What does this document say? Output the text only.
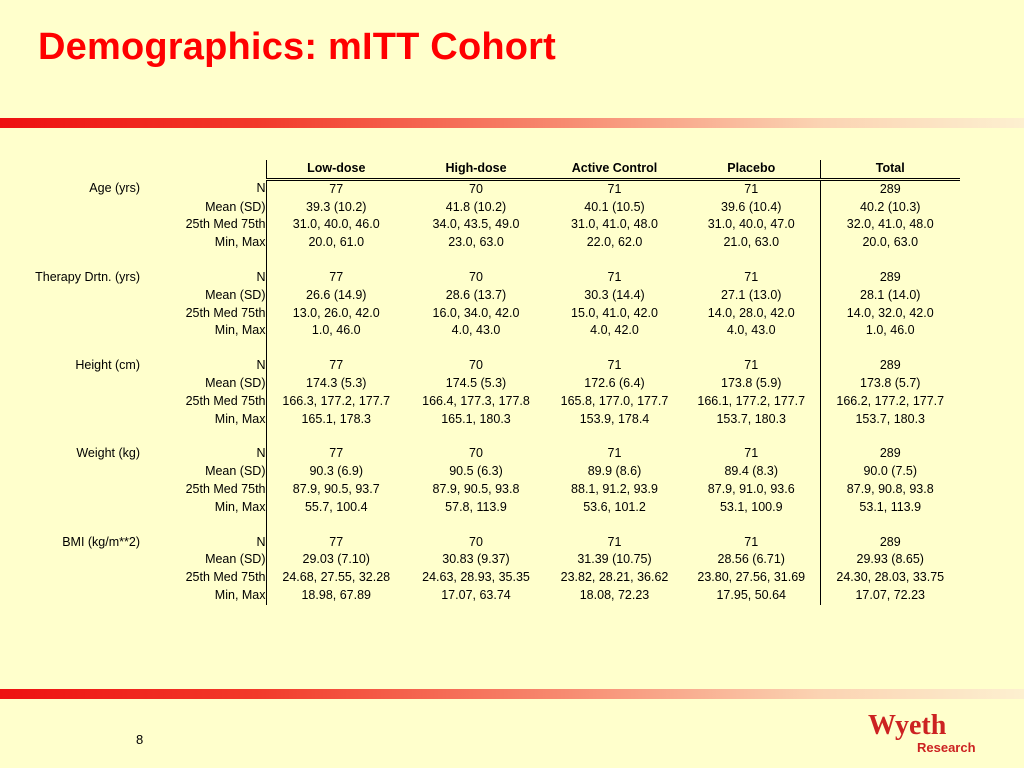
Demographics: mITT Cohort
		Low-dose	High-dose	Active Control	Placebo	Total
Age (yrs)	N	77	70	71	71	289
	Mean (SD)	39.3 (10.2)	41.8 (10.2)	40.1 (10.5)	39.6 (10.4)	40.2 (10.3)
	25th Med 75th	31.0, 40.0, 46.0	34.0, 43.5, 49.0	31.0, 41.0, 48.0	31.0, 40.0, 47.0	32.0, 41.0, 48.0
	Min, Max	20.0, 61.0	23.0, 63.0	22.0, 62.0	21.0, 63.0	20.0, 63.0

Therapy Drtn. (yrs)	N	77	70	71	71	289
	Mean (SD)	26.6 (14.9)	28.6 (13.7)	30.3 (14.4)	27.1 (13.0)	28.1 (14.0)
	25th Med 75th	13.0, 26.0, 42.0	16.0, 34.0, 42.0	15.0, 41.0, 42.0	14.0, 28.0, 42.0	14.0, 32.0, 42.0
	Min, Max	1.0, 46.0	4.0, 43.0	4.0, 42.0	4.0, 43.0	1.0, 46.0

Height (cm)	N	77	70	71	71	289
	Mean (SD)	174.3 (5.3)	174.5 (5.3)	172.6 (6.4)	173.8 (5.9)	173.8 (5.7)
	25th Med 75th	166.3, 177.2, 177.7	166.4, 177.3, 177.8	165.8, 177.0, 177.7	166.1, 177.2, 177.7	166.2, 177.2, 177.7
	Min, Max	165.1, 178.3	165.1, 180.3	153.9, 178.4	153.7, 180.3	153.7, 180.3

Weight (kg)	N	77	70	71	71	289
	Mean (SD)	90.3 (6.9)	90.5 (6.3)	89.9 (8.6)	89.4 (8.3)	90.0 (7.5)
	25th Med 75th	87.9, 90.5, 93.7	87.9, 90.5, 93.8	88.1, 91.2, 93.9	87.9, 91.0, 93.6	87.9, 90.8, 93.8
	Min, Max	55.7, 100.4	57.8, 113.9	53.6, 101.2	53.1, 100.9	53.1, 113.9

BMI (kg/m**2)	N	77	70	71	71	289
	Mean (SD)	29.03 (7.10)	30.83 (9.37)	31.39 (10.75)	28.56 (6.71)	29.93 (8.65)
	25th Med 75th	24.68, 27.55, 32.28	24.63, 28.93, 35.35	23.82, 28.21, 36.62	23.80, 27.56, 31.69	24.30, 28.03, 33.75
	Min, Max	18.98, 67.89	17.07, 63.74	18.08, 72.23	17.95, 50.64	17.07, 72.23
8	Wyeth
Research
